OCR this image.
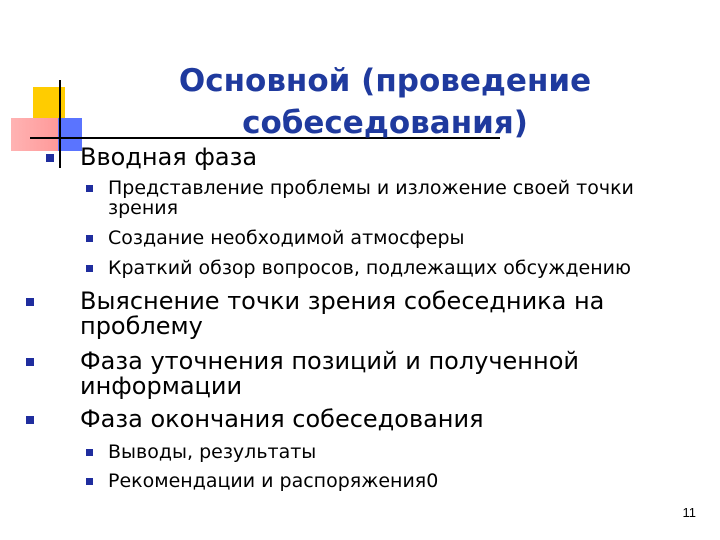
Основной (проведение собеседования)
Вводная фаза
Представление проблемы и изложение своей точки зрения
Создание необходимой атмосферы
Краткий обзор вопросов, подлежащих обсуждению
Выяснение точки зрения собеседника на проблему
Фаза уточнения позиций и полученной информации
Фаза окончания собеседования
Выводы, результаты
Рекомендации и распоряжения0
11
